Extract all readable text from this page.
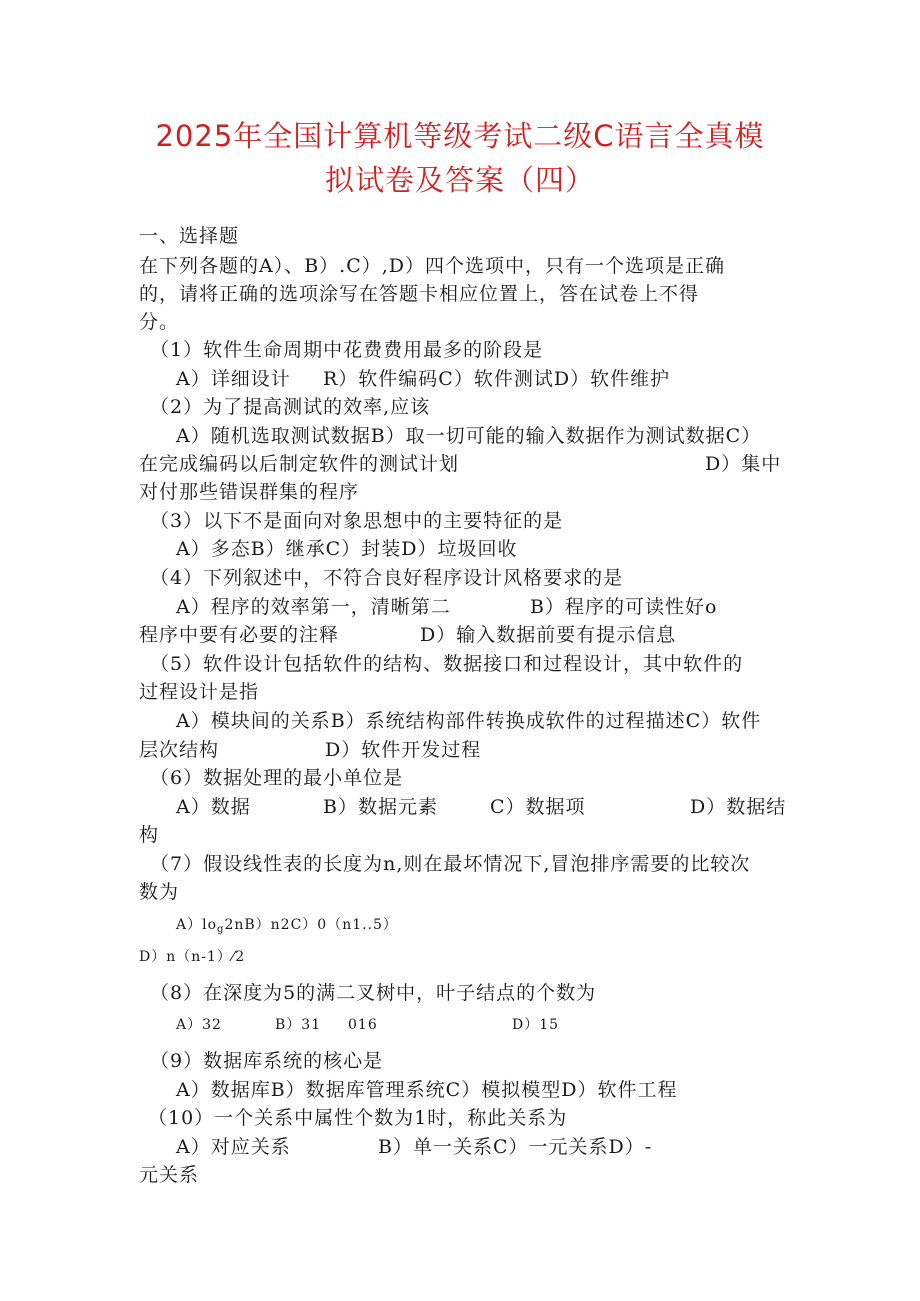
2025年全国计算机等级考试二级C语言全真模
拟试卷及答案（四）
一、选择题
在下列各题的A）、B）.C）,D）四个选项中，只有一个选项是正确
的，请将正确的选项涂写在答题卡相应位置上，答在试卷上不得
分。
（1）软件生命周期中花费费用最多的阶段是
A）详细设计 R）软件编码C）软件测试D）软件维护
（2）为了提高测试的效率,应该
A）随机选取测试数据B）取一切可能的输入数据作为测试数据C）
在完成编码以后制定软件的测试计划	D）集中
对付那些错误群集的程序
（3）以下不是面向对象思想中的主要特征的是
A）多态B）继承C）封装D）垃圾回收
（4）下列叙述中，不符合良好程序设计风格要求的是
A）程序的效率第一，清晰第二	B）程序的可读性好o
程序中要有必要的注释	D）输入数据前要有提示信息
（5）软件设计包括软件的结构、数据接口和过程设计，其中软件的
过程设计是指
A）模块间的关系B）系统结构部件转换成软件的过程描述C）软件
层次结构	D）软件开发过程
（6）数据处理的最小单位是
A）数据	B）数据元素	C）数据项	D）数据结
构
（7）假设线性表的长度为n,则在最坏情况下,冒泡排序需要的比较次
数为
$A)lo_g2nB)n2C)0(n1..5)$
D）n（n-1）⁄2
（8）在深度为5的满二叉树中，叶子结点的个数为
A）32	B）31 016	D）15
（9）数据库系统的核心是
A）数据库B）数据库管理系统C）模拟模型D）软件工程
（10）一个关系中属性个数为1时，称此关系为
A）对应关系	B）单一关系C）一元关系D）-
元关系
